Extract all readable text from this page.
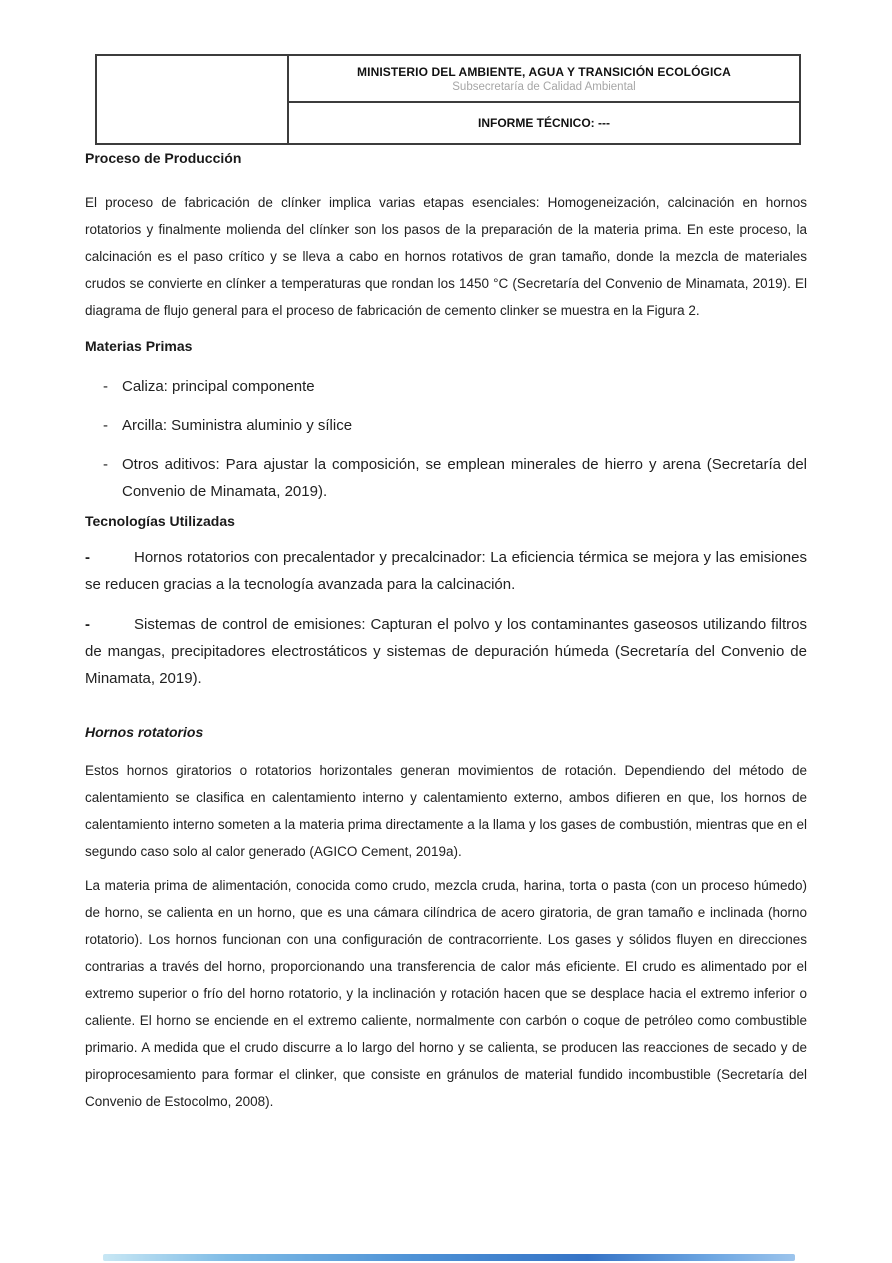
MINISTERIO DEL AMBIENTE, AGUA Y TRANSICIÓN ECOLÓGICA
Subsecretaría de Calidad Ambiental

INFORME TÉCNICO: ---

Proceso de Producción

El proceso de fabricación de clínker implica varias etapas esenciales: Homogeneización, calcinación en hornos rotatorios y finalmente molienda del clínker son los pasos de la preparación de la materia prima. En este proceso, la calcinación es el paso crítico y se lleva a cabo en hornos rotativos de gran tamaño, donde la mezcla de materiales crudos se convierte en clínker a temperaturas que rondan los 1450 °C (Secretaría del Convenio de Minamata, 2019). El diagrama de flujo general para el proceso de fabricación de cemento clinker se muestra en la Figura 2.

Materias Primas

- Caliza: principal componente
- Arcilla: Suministra aluminio y sílice
- Otros aditivos: Para ajustar la composición, se emplean minerales de hierro y arena (Secretaría del Convenio de Minamata, 2019).

Tecnologías Utilizadas

-	Hornos rotatorios con precalentador y precalcinador: La eficiencia térmica se mejora y las emisiones se reducen gracias a la tecnología avanzada para la calcinación.

-	Sistemas de control de emisiones: Capturan el polvo y los contaminantes gaseosos utilizando filtros de mangas, precipitadores electrostáticos y sistemas de depuración húmeda (Secretaría del Convenio de Minamata, 2019).

Hornos rotatorios

Estos hornos giratorios o rotatorios horizontales generan movimientos de rotación. Dependiendo del método de calentamiento se clasifica en calentamiento interno y calentamiento externo, ambos difieren en que, los hornos de calentamiento interno someten a la materia prima directamente a la llama y los gases de combustión, mientras que en el segundo caso solo al calor generado (AGICO Cement, 2019a).

La materia prima de alimentación, conocida como crudo, mezcla cruda, harina, torta o pasta (con un proceso húmedo) de horno, se calienta en un horno, que es una cámara cilíndrica de acero giratoria, de gran tamaño e inclinada (horno rotatorio). Los hornos funcionan con una configuración de contracorriente. Los gases y sólidos fluyen en direcciones contrarias a través del horno, proporcionando una transferencia de calor más eficiente. El crudo es alimentado por el extremo superior o frío del horno rotatorio, y la inclinación y rotación hacen que se desplace hacia el extremo inferior o caliente. El horno se enciende en el extremo caliente, normalmente con carbón o coque de petróleo como combustible primario. A medida que el crudo discurre a lo largo del horno y se calienta, se producen las reacciones de secado y de piroprocesamiento para formar el clinker, que consiste en gránulos de material fundido incombustible (Secretaría del Convenio de Estocolmo, 2008).
